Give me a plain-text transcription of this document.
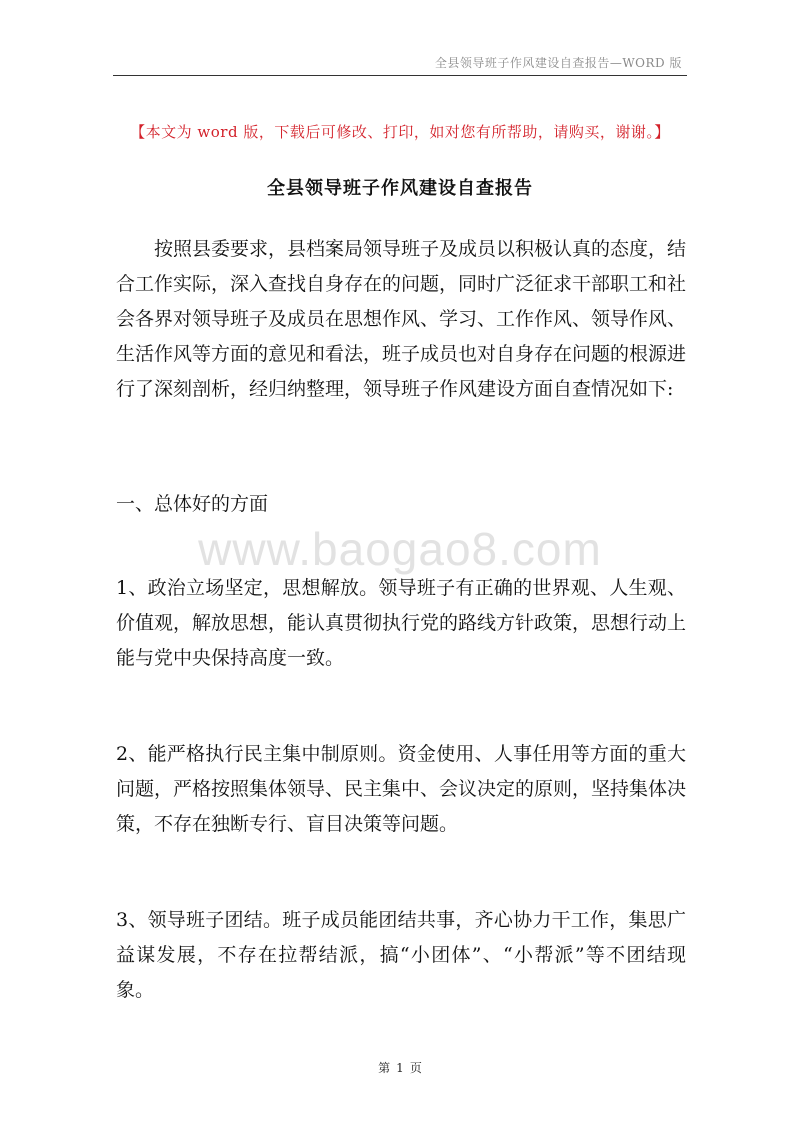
全县领导班子作风建设自查报告—WORD 版
【本文为 word 版，下载后可修改、打印，如对您有所帮助，请购买，谢谢。】
全县领导班子作风建设自查报告

按照县委要求，县档案局领导班子及成员以积极认真的态度，结合工作实际，深入查找自身存在的问题，同时广泛征求干部职工和社会各界对领导班子及成员在思想作风、学习、工作作风、领导作风、生活作风等方面的意见和看法，班子成员也对自身存在问题的根源进行了深刻剖析，经归纳整理，领导班子作风建设方面自查情况如下:

一、总体好的方面

www.baogao8.com

1、政治立场坚定，思想解放。领导班子有正确的世界观、人生观、价值观，解放思想，能认真贯彻执行党的路线方针政策，思想行动上能与党中央保持高度一致。

2、能严格执行民主集中制原则。资金使用、人事任用等方面的重大问题，严格按照集体领导、民主集中、会议决定的原则，坚持集体决策，不存在独断专行、盲目决策等问题。

3、领导班子团结。班子成员能团结共事，齐心协力干工作，集思广益谋发展，不存在拉帮结派，搞“小团体”、“小帮派”等不团结现象。

第 1 页
